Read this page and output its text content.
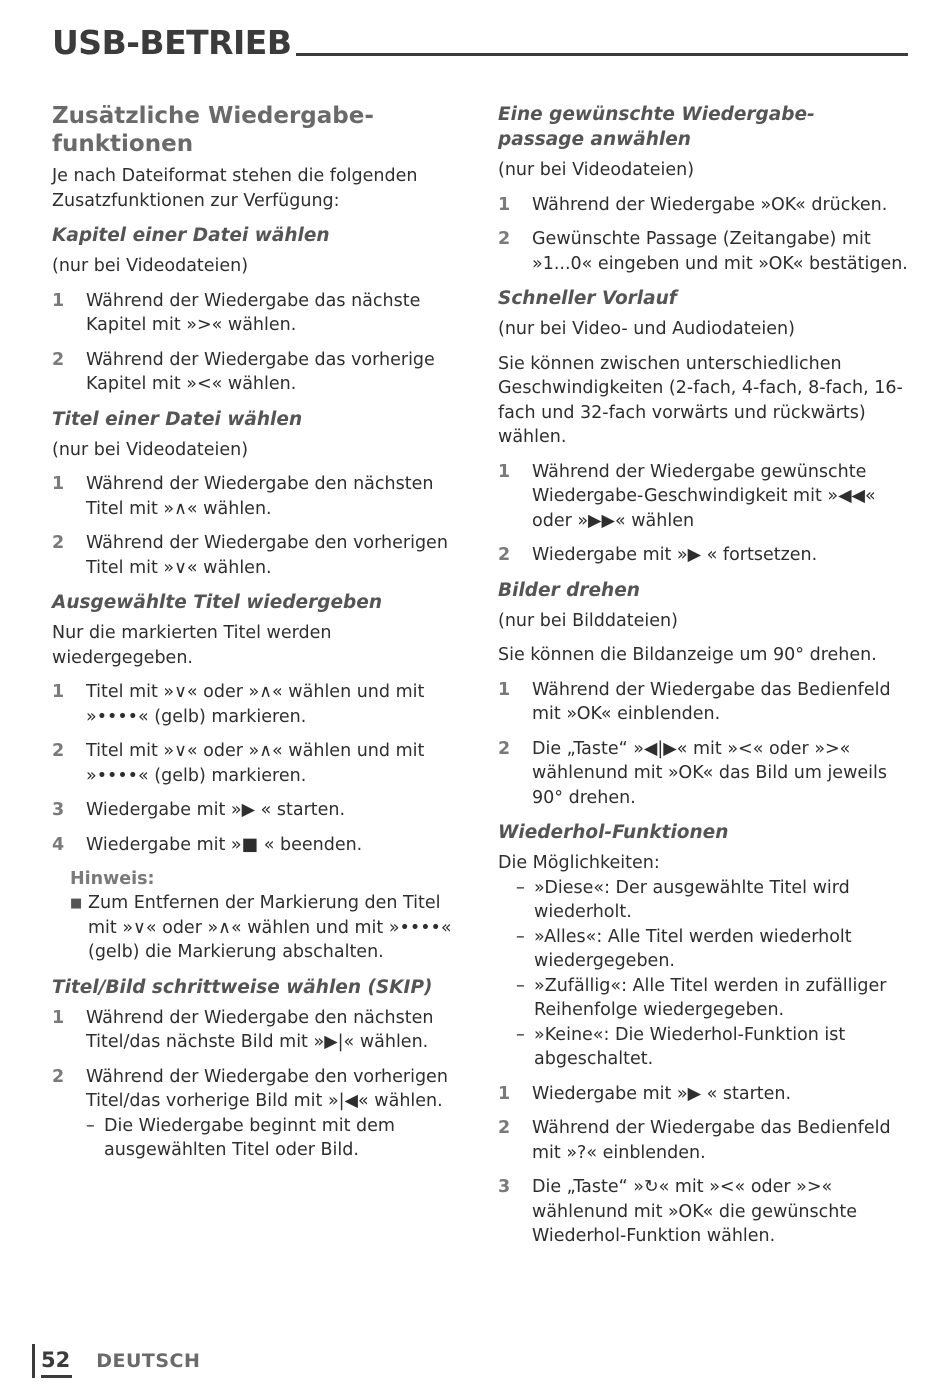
USB-BETRIEB
Zusätzliche Wiedergabe-funktionen
Je nach Dateiformat stehen die folgenden Zusatzfunktionen zur Verfügung:
Kapitel einer Datei wählen
(nur bei Videodateien)
1	Während der Wiedergabe das nächste Kapitel mit »>« wählen.
2	Während der Wiedergabe das vorherige Kapitel mit »<« wählen.
Titel einer Datei wählen
(nur bei Videodateien)
1	Während der Wiedergabe den nächsten Titel mit »∧« wählen.
2	Während der Wiedergabe den vorherigen Titel mit »∨« wählen.
Ausgewählte Titel wiedergeben
Nur die markierten Titel werden wiedergegeben.
1	Titel mit »∨« oder »∧« wählen und mit »••••« (gelb) markieren.
2	Titel mit »∨« oder »∧« wählen und mit »••••« (gelb) markieren.
3	Wiedergabe mit »▶ « starten.
4	Wiedergabe mit »■ « beenden.
Hinweis:
■ Zum Entfernen der Markierung den Titel mit »∨« oder »∧« wählen und mit »••••« (gelb) die Markierung abschalten.
Titel/Bild schrittweise wählen (SKIP)
1	Während der Wiedergabe den nächsten Titel/das nächste Bild mit »▶|« wählen.
2	Während der Wiedergabe den vorherigen Titel/das vorherige Bild mit »|◀« wählen.
– Die Wiedergabe beginnt mit dem ausgewählten Titel oder Bild.
Eine gewünschte Wiedergabe-passage anwählen
(nur bei Videodateien)
1	Während der Wiedergabe »OK« drücken.
2	Gewünschte Passage (Zeitangabe) mit »1...0« eingeben und mit »OK« bestätigen.
Schneller Vorlauf
(nur bei Video- und Audiodateien)
Sie können zwischen unterschiedlichen Geschwindigkeiten (2-fach, 4-fach, 8-fach, 16-fach und 32-fach vorwärts und rückwärts) wählen.
1	Während der Wiedergabe gewünschte Wiedergabe-Geschwindigkeit mit »◀◀« oder »▶▶« wählen
2	Wiedergabe mit »▶ « fortsetzen.
Bilder drehen
(nur bei Bilddateien)
Sie können die Bildanzeige um 90° drehen.
1	Während der Wiedergabe das Bedienfeld mit »OK« einblenden.
2	Die „Taste“ »◀|▶« mit »<« oder »>« wählenund mit »OK« das Bild um jeweils 90° drehen.
Wiederhol-Funktionen
Die Möglichkeiten:
– »Diese«: Der ausgewählte Titel wird wiederholt.
– »Alles«: Alle Titel werden wiederholt wiedergegeben.
– »Zufällig«: Alle Titel werden in zufälliger Reihenfolge wiedergegeben.
– »Keine«: Die Wiederhol-Funktion ist abgeschaltet.
1	Wiedergabe mit »▶ « starten.
2	Während der Wiedergabe das Bedienfeld mit »?« einblenden.
3	Die „Taste“ »↻« mit »<« oder »>« wählenund mit »OK« die gewünschte Wiederhol-Funktion wählen.
52 DEUTSCH
